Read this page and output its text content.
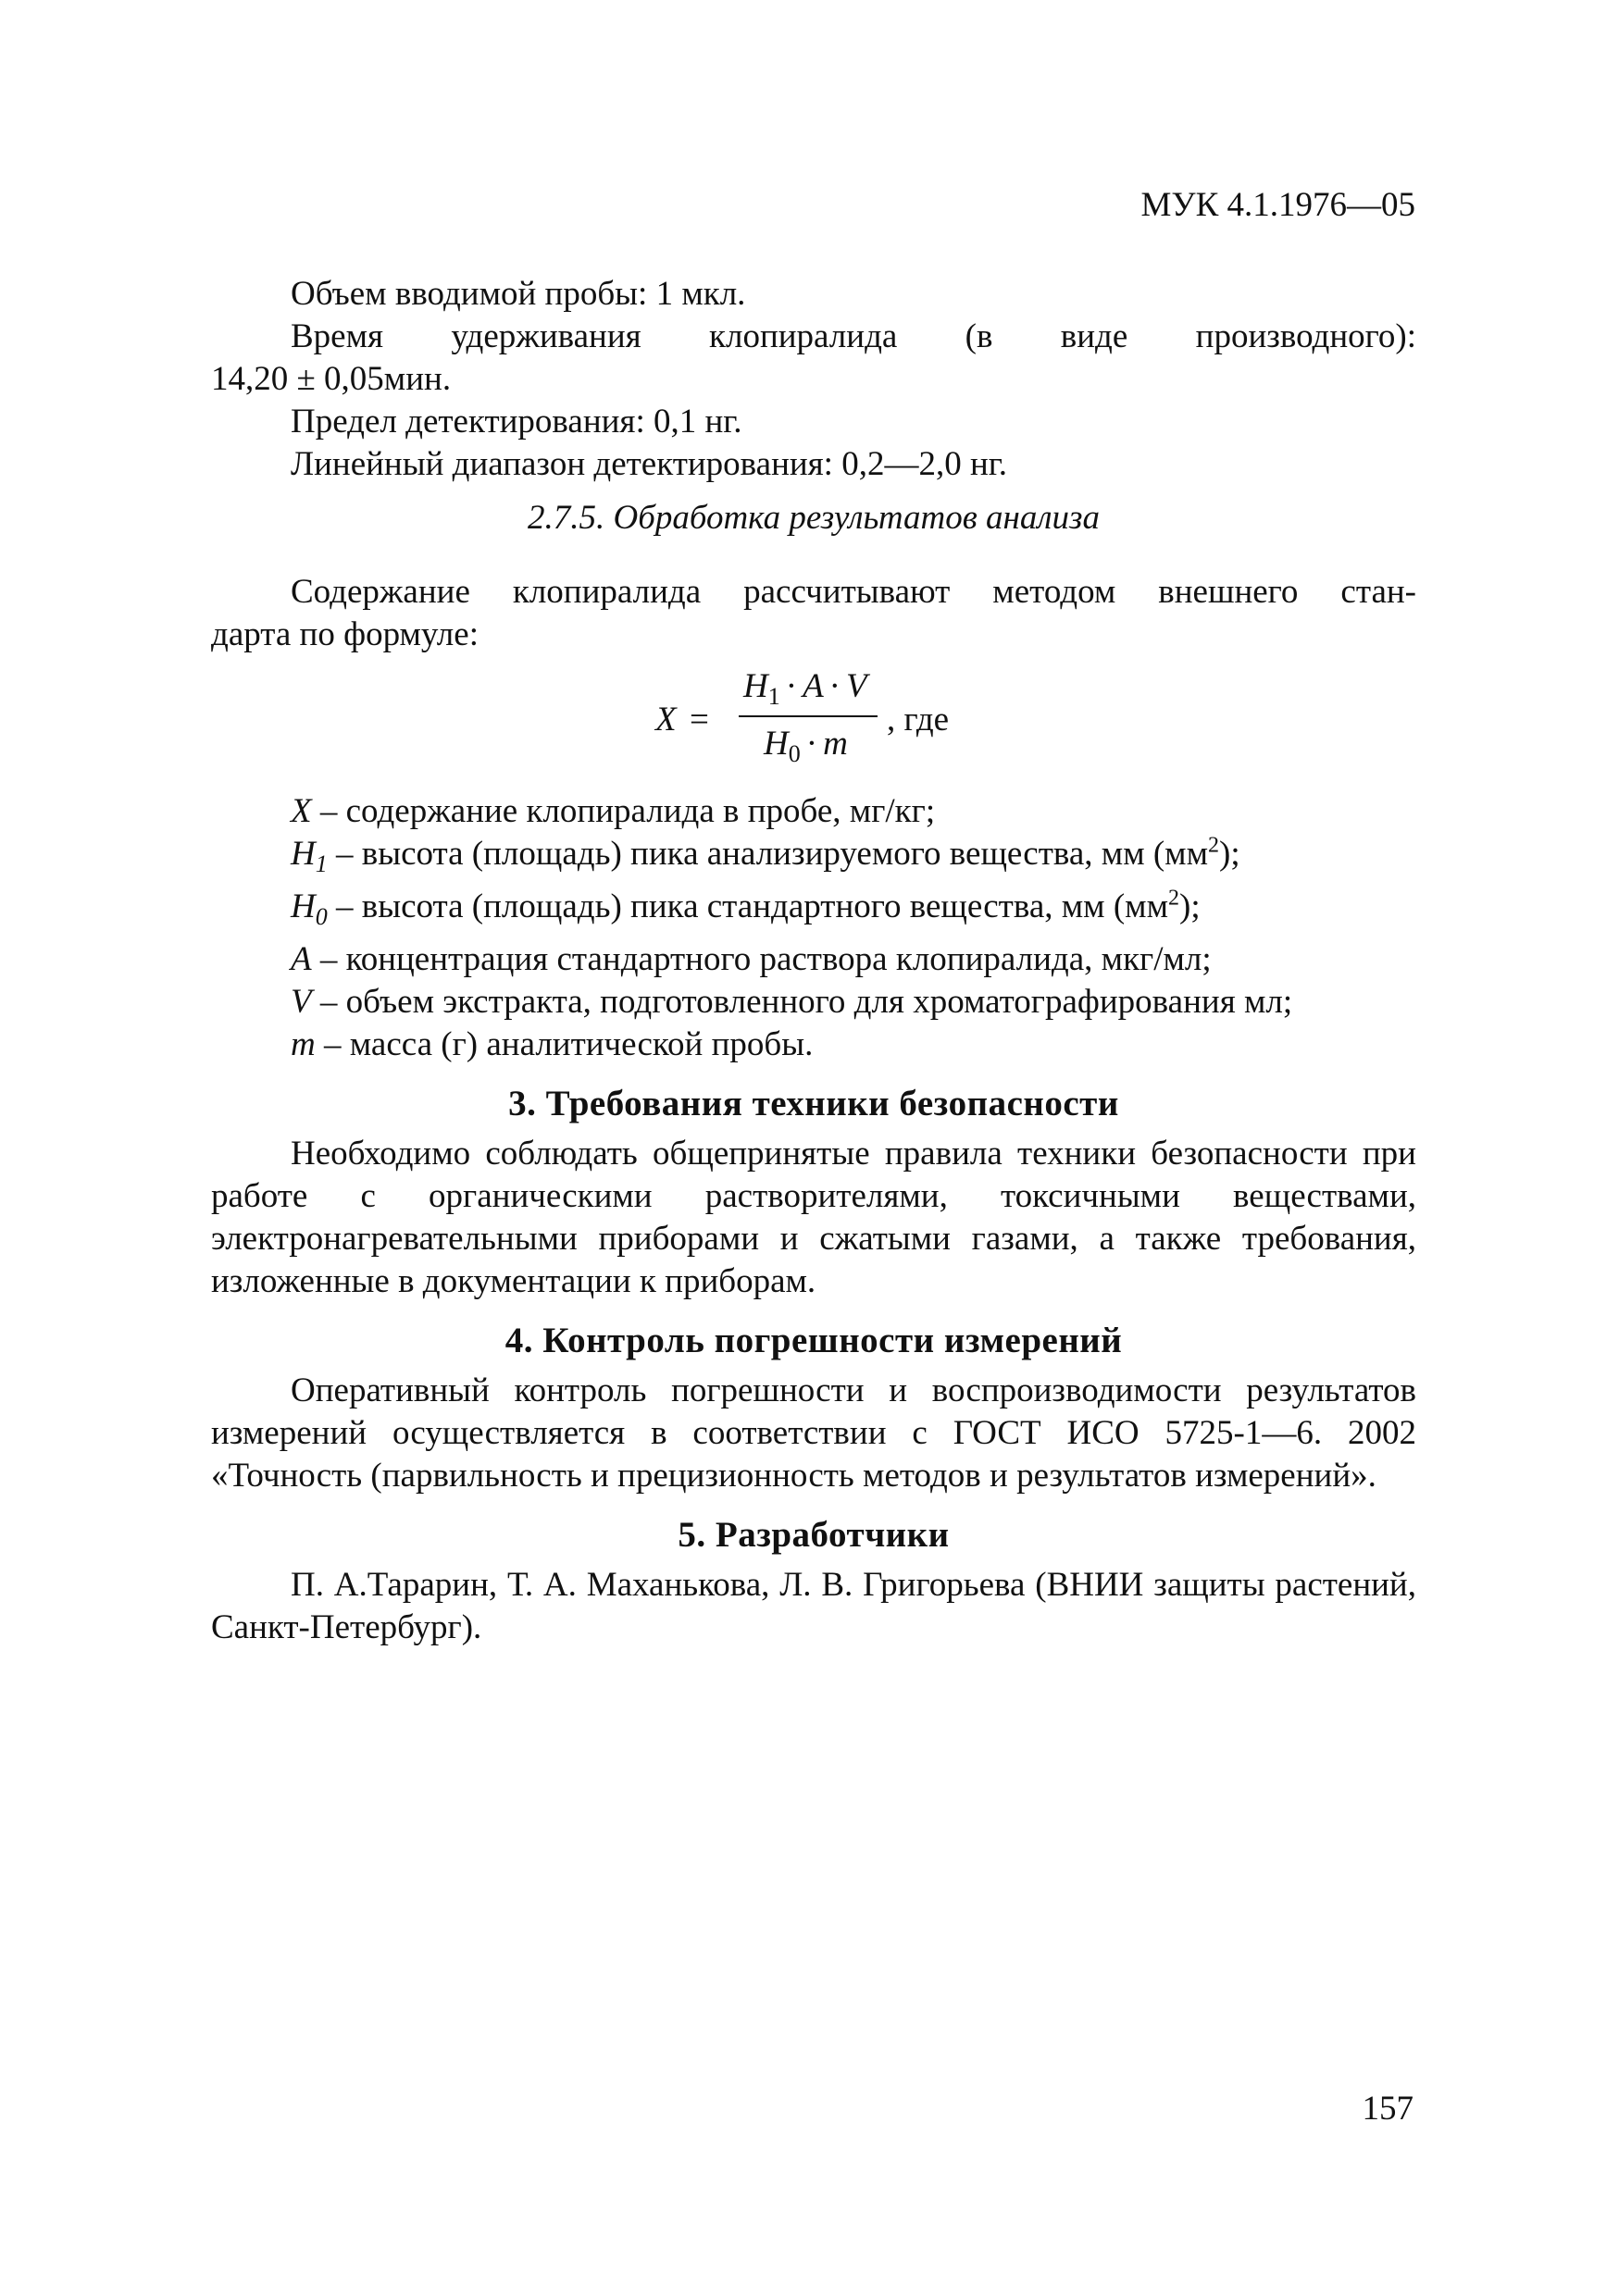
МУК 4.1.1976—05

Объем вводимой пробы: 1 мкл.

Время удерживания клопиралида (в виде производного):

14,20 ± 0,05мин.

Предел детектирования: 0,1 нг.

Линейный диапазон детектирования: 0,2—2,0 нг.

2.7.5. Обработка результатов анализа

Содержание клопиралида рассчитывают методом внешнего стан-

дарта по формуле:

X =
$H_1 \cdot A \cdot V$
$H_0 \cdot m$
, где

X – содержание клопиралида в пробе, мг/кг;

$H_1$ – высота (площадь) пика анализируемого вещества, мм $(мм^2)$;

$H_0$ – высота (площадь) пика стандартного вещества, мм $(мм^2)$;

A – концентрация стандартного раствора клопиралида, мкг/мл;

V – объем экстракта, подготовленного для хроматографирования мл;

m – масса (г) аналитической пробы.

3. Требования техники безопасности

Необходимо соблюдать общепринятые правила техники безопасности при работе с органическими растворителями, токсичными веществами, электронагревательными приборами и сжатыми газами, а также требования, изложенные в документации к приборам.

4. Контроль погрешности измерений

Оперативный контроль погрешности и воспроизводимости результатов измерений осуществляется в соответствии с ГОСТ ИСО 5725-1—6. 2002 «Точность (парвильность и прецизионность методов и результатов измерений».

5. Разработчики

П. А.Тарарин, Т. А. Маханькова, Л. В. Григорьева (ВНИИ защиты растений, Санкт-Петербург).

157
